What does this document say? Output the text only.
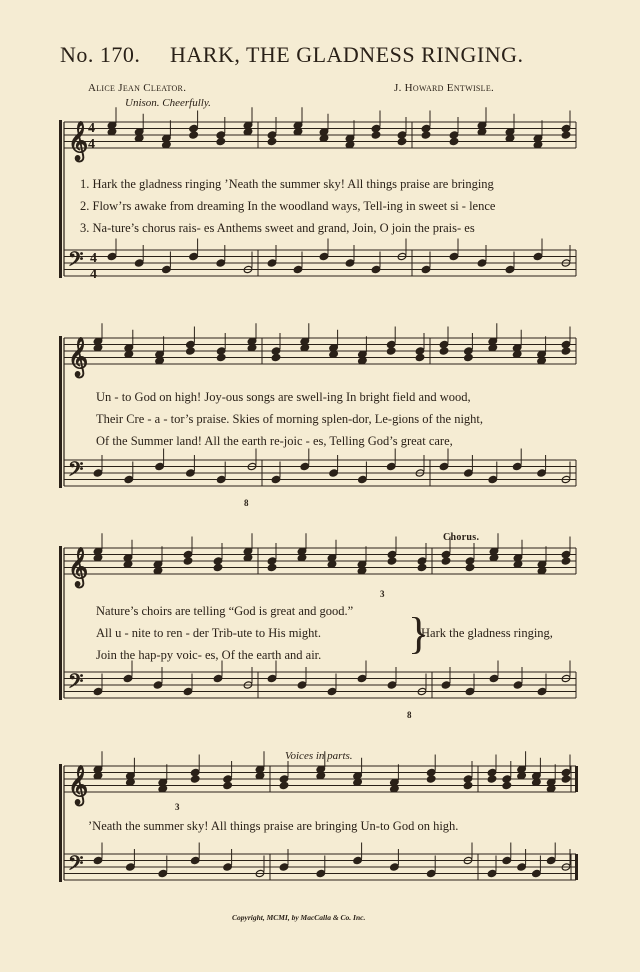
No. 170. HARK, THE GLADNESS RINGING.
Alice Jean Cleator.	J. Howard Entwisle.
Unison. Cheerfully.
𝄞
𝄢
𝄞
𝄢
𝄞
𝄢
𝄞
𝄢
4
4
4
4
8
8
3
3
1. Hark the gladness ringing ’Neath the summer sky! All things praise are bringing
2. Flow’rs awake from dreaming In the woodland ways, Tell-ing in sweet si - lence
3. Na-ture’s chorus rais- es Anthems sweet and grand, Join, O join the prais- es
Un - to God on high! Joy-ous songs are swell-ing In bright field and wood,
Their Cre - a - tor’s praise. Skies of morning splen-dor, Le-gions of the night,
Of the Summer land! All the earth re-joic - es, Telling God’s great care,
Chorus.
Nature’s choirs are telling “God is great and good.”
All u - nite to ren - der Trib-ute to His might.
Join the hap-py voic- es, Of the earth and air. }
Hark the gladness ringing,
Voices in parts.
’Neath the summer sky! All things praise are bringing Un-to God on high.
Copyright, MCMI, by MacCalla & Co. Inc.
